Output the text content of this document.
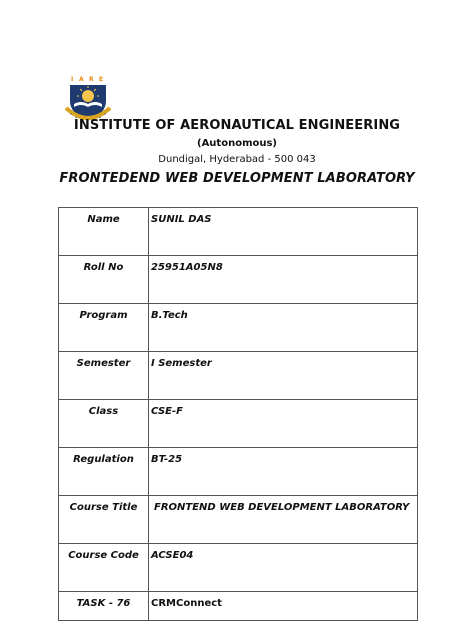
I A R E
INSTITUTE OF AERONAUTICAL ENGINEERING
(Autonomous)
Dundigal, Hyderabad - 500 043
FRONTEDEND WEB DEVELOPMENT LABORATORY
Name	SUNIL DAS
Roll No	25951A05N8
Program	B.Tech
Semester	I Semester
Class	CSE-F
Regulation	BT-25
Course Title	FRONTEND WEB DEVELOPMENT LABORATORY
Course Code	ACSE04
TASK - 76	CRMConnect
